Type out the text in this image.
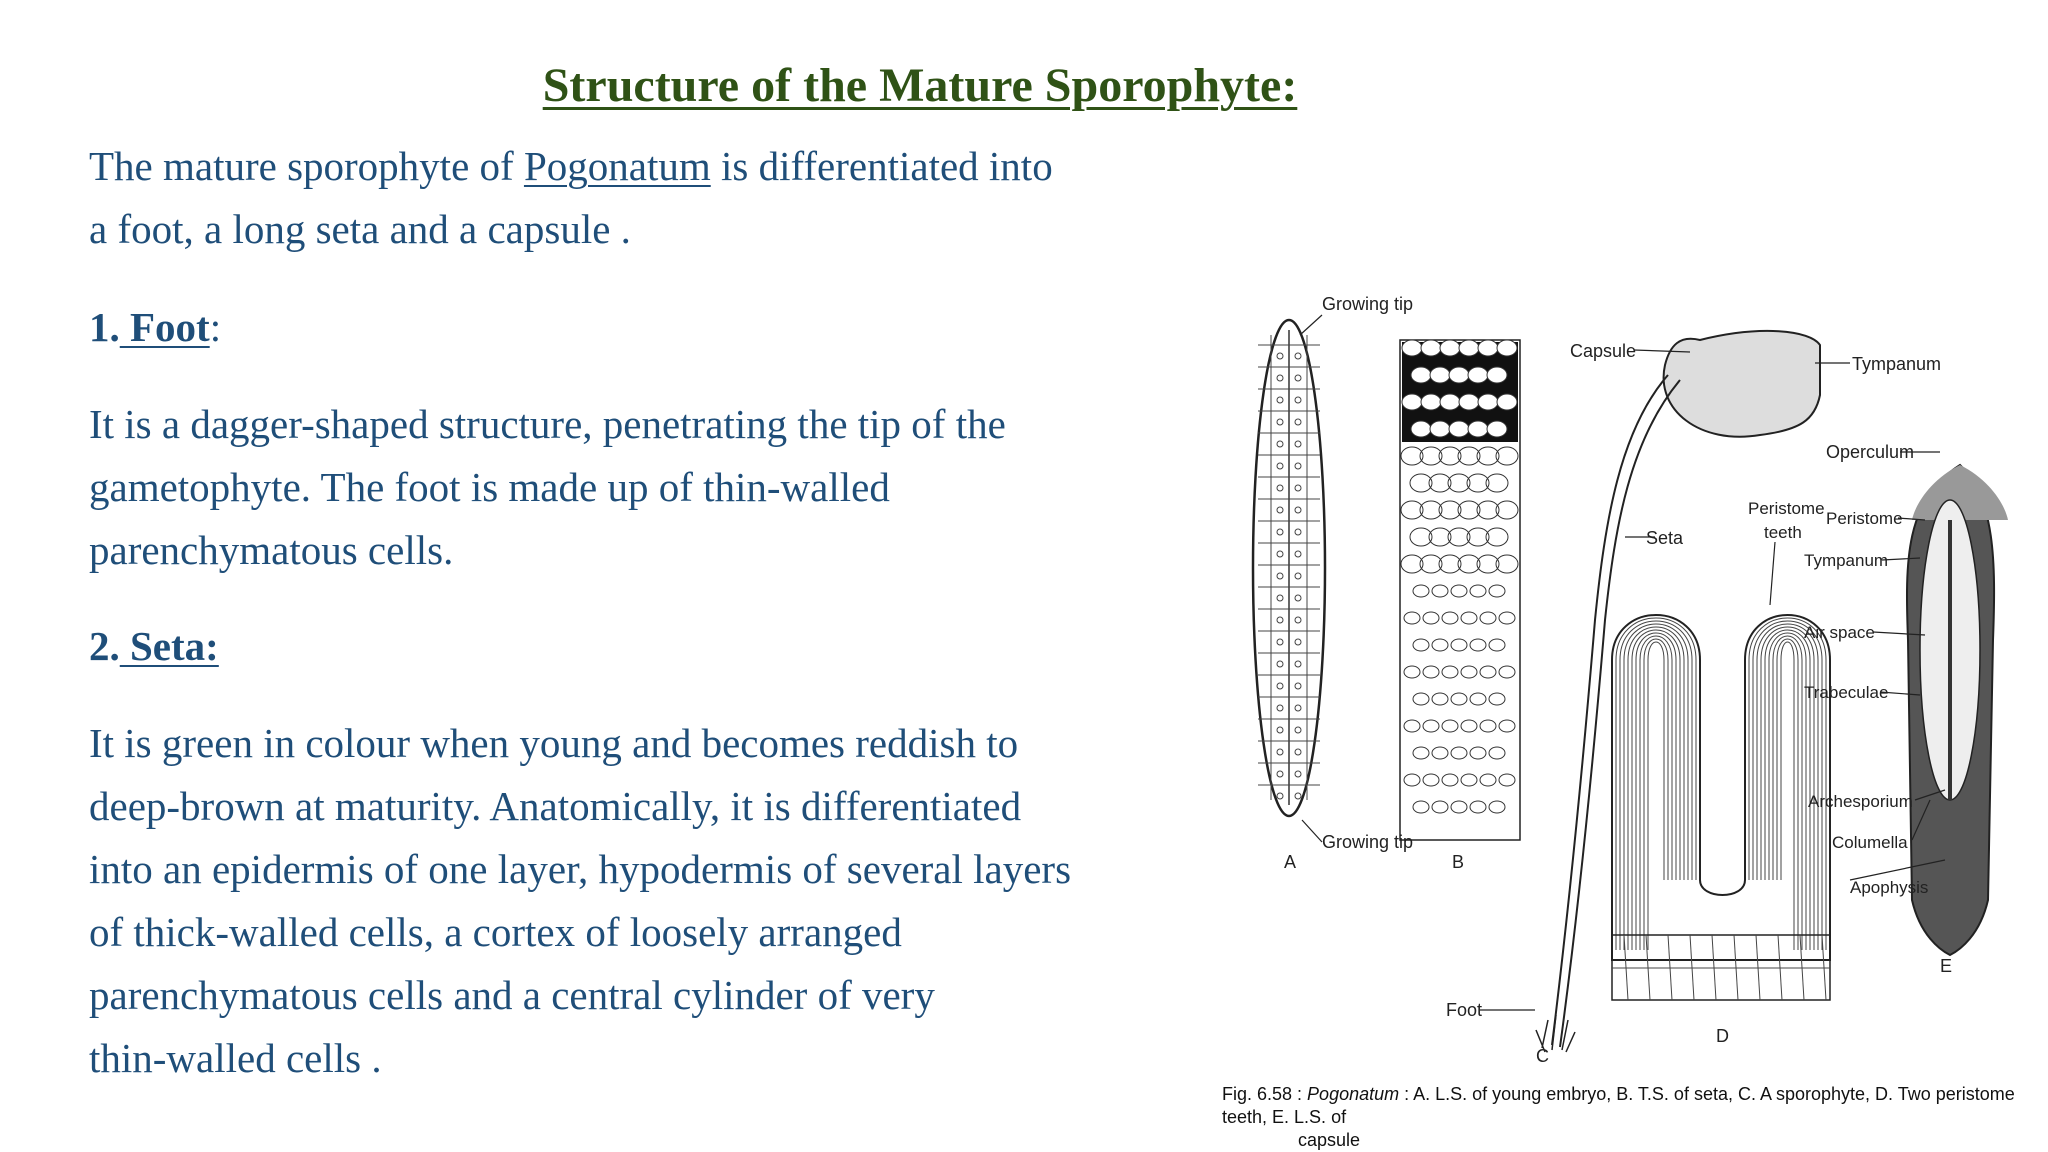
Structure of the Mature Sporophyte:

The mature sporophyte of Pogonatum is differentiated into
a foot, a long seta and a capsule .

1. Foot:

It is a dagger-shaped structure, penetrating the tip of the
gametophyte. The foot is made up of thin-walled
parenchymatous cells.

2. Seta:

It is green in colour when young and becomes reddish to
deep-brown at maturity. Anatomically, it is differentiated
into an epidermis of one layer, hypodermis of several layers
of thick-walled cells, a cortex of loosely arranged
parenchymatous cells and a central cylinder of very
thin-walled cells .

Growing tip
Growing tip
Capsule
Tympanum
Operculum
Peristome
teeth
Peristome
Tympanum
Seta
Air space
Trabeculae
Archesporium
Columella
Apophysis
Foot
A	B
C
D
E
Fig. 6.58 : Pogonatum : A. L.S. of young embryo, B. T.S. of seta, C. A sporophyte, D. Two peristome teeth, E. L.S. of
capsule
